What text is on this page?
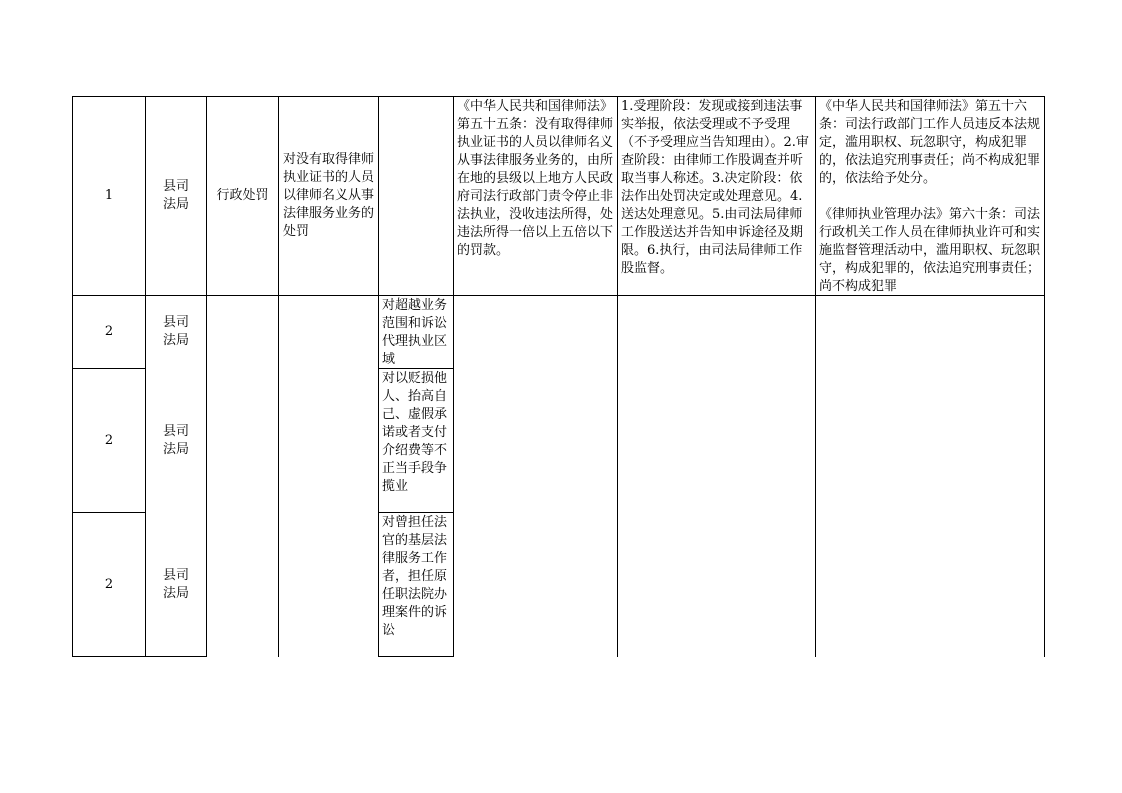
1
县司法局
行政处罚
对没有取得律师执业证书的人员以律师名义从事法律服务业务的处罚
《中华人民共和国律师法》第五十五条：没有取得律师执业证书的人员以律师名义从事法律服务业务的，由所在地的县级以上地方人民政府司法行政部门责令停止非法执业，没收违法所得，处违法所得一倍以上五倍以下的罚款。
1.受理阶段：发现或接到违法事实举报，依法受理或不予受理（不予受理应当告知理由）。2.审查阶段：由律师工作股调查并听取当事人称述。3.决定阶段：依法作出处罚决定或处理意见。4.送达处理意见。5.由司法局律师工作股送达并告知申诉途径及期限。6.执行，由司法局律师工作股监督。
《中华人民共和国律师法》第五十六条：司法行政部门工作人员违反本法规定，滥用职权、玩忽职守，构成犯罪的，依法追究刑事责任；尚不构成犯罪的，依法给予处分。

《律师执业管理办法》第六十条：司法行政机关工作人员在律师执业许可和实施监督管理活动中，滥用职权、玩忽职守，构成犯罪的，依法追究刑事责任；尚不构成犯罪
2
县司法局
对超越业务范围和诉讼代理执业区域
2
县司法局
对以贬损他人、抬高自己、虚假承诺或者支付介绍费等不正当手段争揽业
2
县司法局
对曾担任法官的基层法律服务工作者，担任原任职法院办理案件的诉讼
